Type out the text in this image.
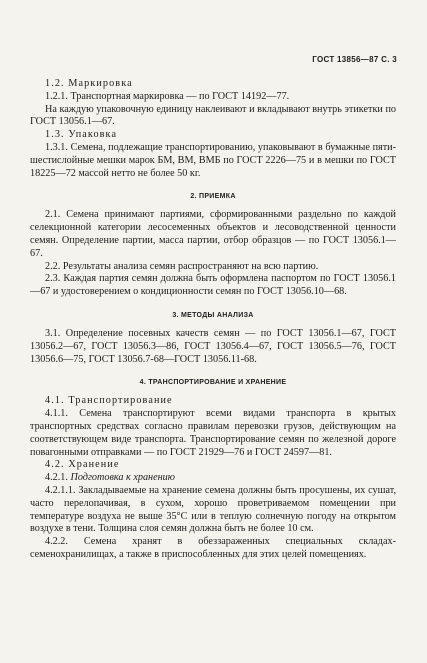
ГОСТ 13856—87 С. 3

1.2. Маркировка

1.2.1. Транспортная маркировка — по ГОСТ 14192—77.

На каждую упаковочную единицу наклеивают и вкладывают внутрь этикетки по ГОСТ 13056.1—67.

1.3. Упаковка

1.3.1. Семена, подлежащие транспортированию, упаковывают в бумажные пяти-шестислойные мешки марок БМ, ВМ, ВМБ по ГОСТ 2226—75 и в мешки по ГОСТ 18225—72 массой нетто не более 50 кг.

2. ПРИЕМКА

2.1. Семена принимают партиями, сформированными раздельно по каждой селекционной категории лесосеменных объектов и лесоводственной ценности семян. Определение партии, масса партии, отбор образцов — по ГОСТ 13056.1—67.

2.2. Результаты анализа семян распространяют на всю партию.

2.3. Каждая партия семян должна быть оформлена паспортом по ГОСТ 13056.1—67 и удостоверением о кондиционности семян по ГОСТ 13056.10—68.

3. МЕТОДЫ АНАЛИЗА

3.1. Определение посевных качеств семян — по ГОСТ 13056.1—67, ГОСТ 13056.2—67, ГОСТ 13056.3—86, ГОСТ 13056.4—67, ГОСТ 13056.5—76, ГОСТ 13056.6—75, ГОСТ 13056.7-68—ГОСТ 13056.11-68.

4. ТРАНСПОРТИРОВАНИЕ И ХРАНЕНИЕ

4.1. Транспортирование

4.1.1. Семена транспортируют всеми видами транспорта в крытых транспортных средствах согласно правилам перевозки грузов, действующим на соответствующем виде транспорта. Транспортирование семян по железной дороге повагонными отправками — по ГОСТ 21929—76 и ГОСТ 24597—81.

4.2. Хранение

4.2.1. Подготовка к хранению

4.2.1.1. Закладываемые на хранение семена должны быть просушены, их сушат, часто перелопачивая, в сухом, хорошо проветриваемом помещении при температуре воздуха не выше 35°С или в теплую солнечную погоду на открытом воздухе в тени. Толщина слоя семян должна быть не более 10 см.

4.2.2. Семена хранят в обеззараженных специальных складах-семенохранилищах, а также в приспособленных для этих целей помещениях.
